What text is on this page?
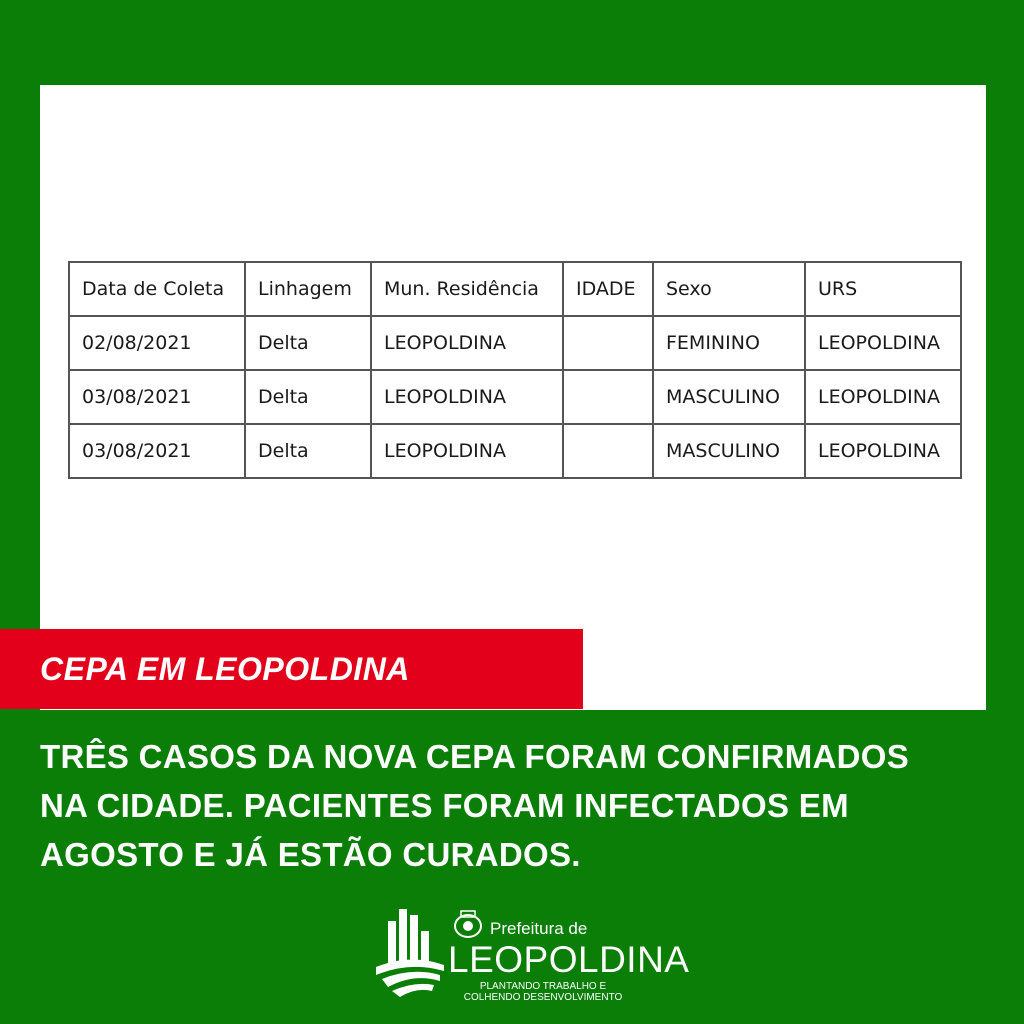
Data de Coleta	Linhagem	Mun. Residência	IDADE	Sexo	URS
02/08/2021	Delta	LEOPOLDINA		FEMININO	LEOPOLDINA
03/08/2021	Delta	LEOPOLDINA		MASCULINO	LEOPOLDINA
03/08/2021	Delta	LEOPOLDINA		MASCULINO	LEOPOLDINA
CEPA EM LEOPOLDINA
TRÊS CASOS DA NOVA CEPA FORAM CONFIRMADOS
NA CIDADE. PACIENTES FORAM INFECTADOS EM
AGOSTO E JÁ ESTÃO CURADOS.
Prefeitura de
LEOPOLDINA
PLANTANDO TRABALHO E
COLHENDO DESENVOLVIMENTO
